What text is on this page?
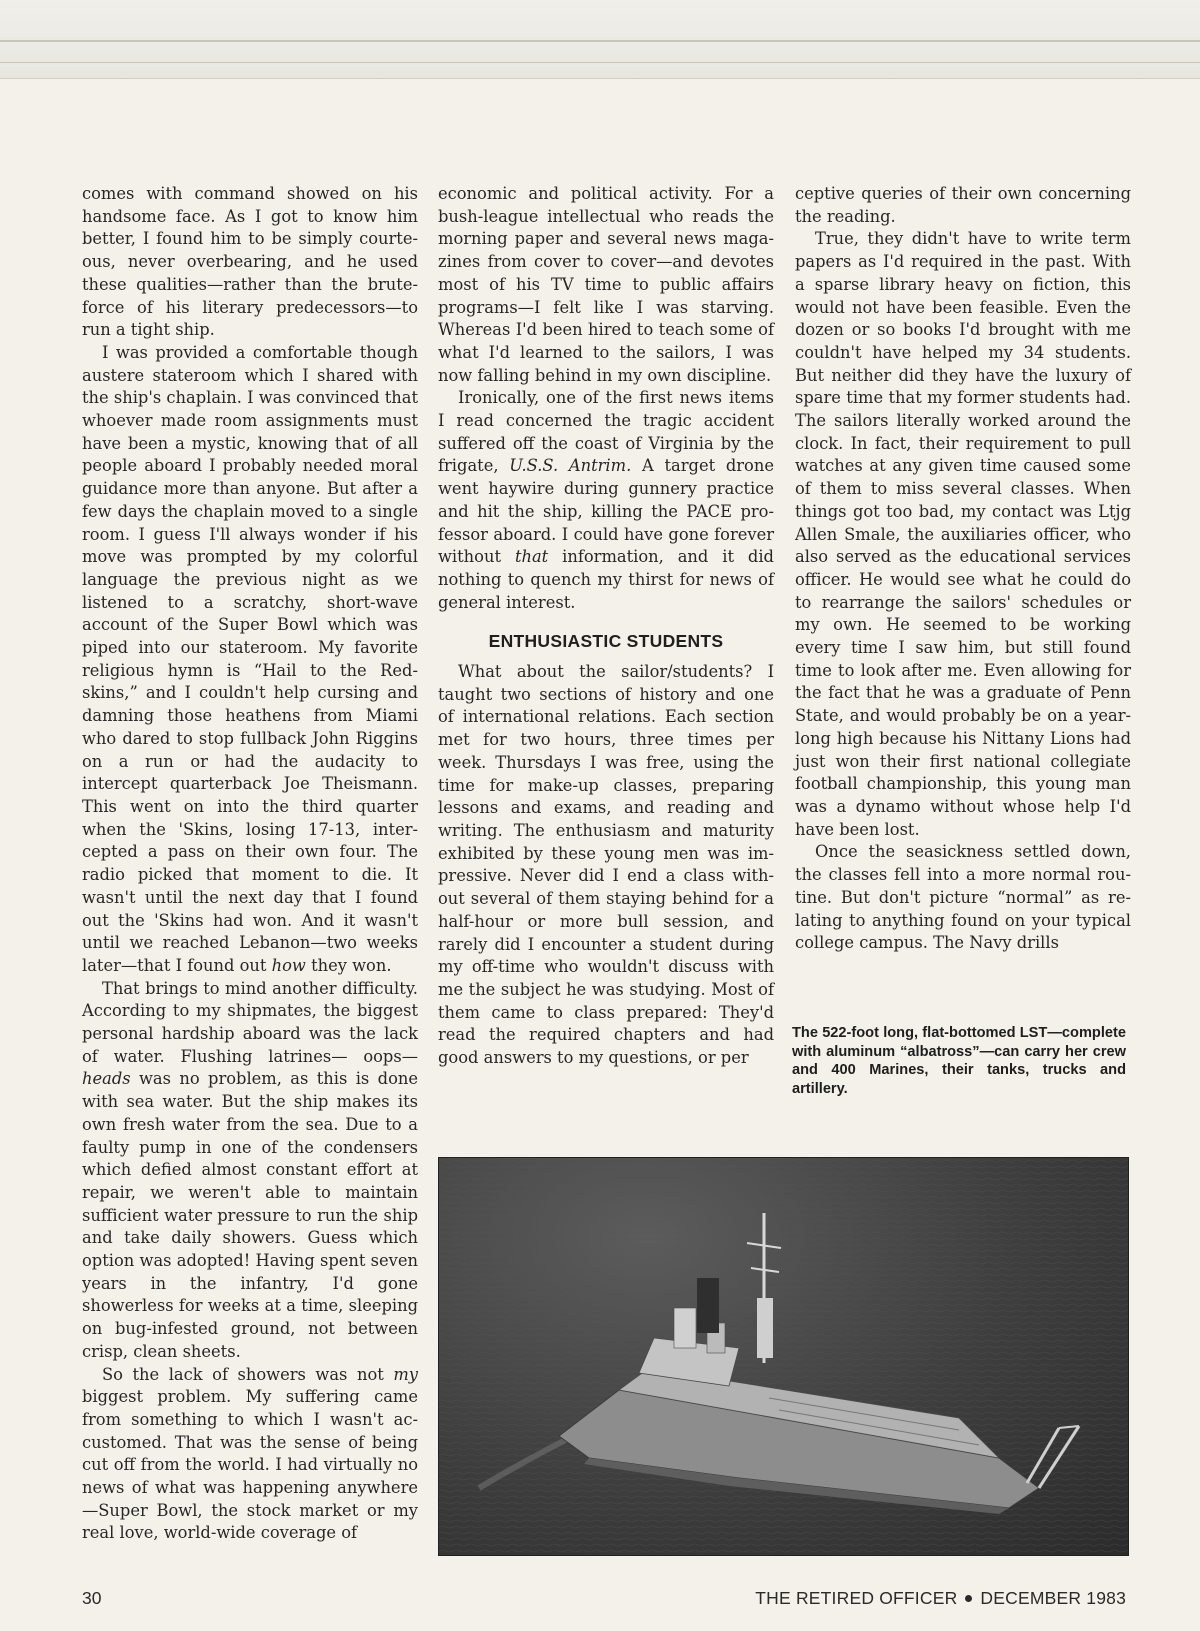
comes with command showed on his handsome face. As I got to know him better, I found him to be simply courteous, never overbearing, and he used these qualities—rather than the bruteforce of his literary predecessors—to run a tight ship.

I was provided a comfortable though austere stateroom which I shared with the ship's chaplain. I was convinced that whoever made room assignments must have been a mystic, knowing that of all people aboard I probably needed moral guidance more than anyone. But after a few days the chaplain moved to a single room. I guess I'll always wonder if his move was prompted by my colorful language the previous night as we listened to a scratchy, short-wave account of the Super Bowl which was piped into our stateroom. My favorite religious hymn is “Hail to the Redskins,” and I couldn't help cursing and damning those heathens from Miami who dared to stop fullback John Riggins on a run or had the audacity to intercept quarterback Joe Theismann. This went on into the third quarter when the 'Skins, losing 17-13, intercepted a pass on their own four. The radio picked that moment to die. It wasn't until the next day that I found out the 'Skins had won. And it wasn't until we reached Lebanon—two weeks later—that I found out how they won.

That brings to mind another difficulty. According to my shipmates, the biggest personal hardship aboard was the lack of water. Flushing latrines— oops—heads was no problem, as this is done with sea water. But the ship makes its own fresh water from the sea. Due to a faulty pump in one of the condensers which defied almost constant effort at repair, we weren't able to maintain sufficient water pressure to run the ship and take daily showers. Guess which option was adopted! Having spent seven years in the infantry, I'd gone showerless for weeks at a time, sleeping on bug-infested ground, not between crisp, clean sheets.

So the lack of showers was not my biggest problem. My suffering came from something to which I wasn't accustomed. That was the sense of being cut off from the world. I had virtually no news of what was happening anywhere—Super Bowl, the stock market or my real love, world-wide coverage of

economic and political activity. For a bush-league intellectual who reads the morning paper and several news magazines from cover to cover—and devotes most of his TV time to public affairs programs—I felt like I was starving. Whereas I'd been hired to teach some of what I'd learned to the sailors, I was now falling behind in my own discipline.

Ironically, one of the first news items I read concerned the tragic accident suffered off the coast of Virginia by the frigate, U.S.S. Antrim. A target drone went haywire during gunnery practice and hit the ship, killing the PACE professor aboard. I could have gone forever without that information, and it did nothing to quench my thirst for news of general interest.

ENTHUSIASTIC STUDENTS

What about the sailor/students? I taught two sections of history and one of international relations. Each section met for two hours, three times per week. Thursdays I was free, using the time for make-up classes, preparing lessons and exams, and reading and writing. The enthusiasm and maturity exhibited by these young men was impressive. Never did I end a class without several of them staying behind for a half-hour or more bull session, and rarely did I encounter a student during my off-time who wouldn't discuss with me the subject he was studying. Most of them came to class prepared: They'd read the required chapters and had good answers to my questions, or per

ceptive queries of their own concerning the reading.

True, they didn't have to write term papers as I'd required in the past. With a sparse library heavy on fiction, this would not have been feasible. Even the dozen or so books I'd brought with me couldn't have helped my 34 students. But neither did they have the luxury of spare time that my former students had. The sailors literally worked around the clock. In fact, their requirement to pull watches at any given time caused some of them to miss several classes. When things got too bad, my contact was Ltjg Allen Smale, the auxiliaries officer, who also served as the educational services officer. He would see what he could do to rearrange the sailors' schedules or my own. He seemed to be working every time I saw him, but still found time to look after me. Even allowing for the fact that he was a graduate of Penn State, and would probably be on a year-long high because his Nittany Lions had just won their first national collegiate football championship, this young man was a dynamo without whose help I'd have been lost.

Once the seasickness settled down, the classes fell into a more normal routine. But don't picture “normal” as relating to anything found on your typical college campus. The Navy drills

The 522-foot long, flat-bottomed LST—complete with aluminum “albatross”—can carry her crew and 400 Marines, their tanks, trucks and artillery.
30	THE RETIRED OFFICER DECEMBER 1983
